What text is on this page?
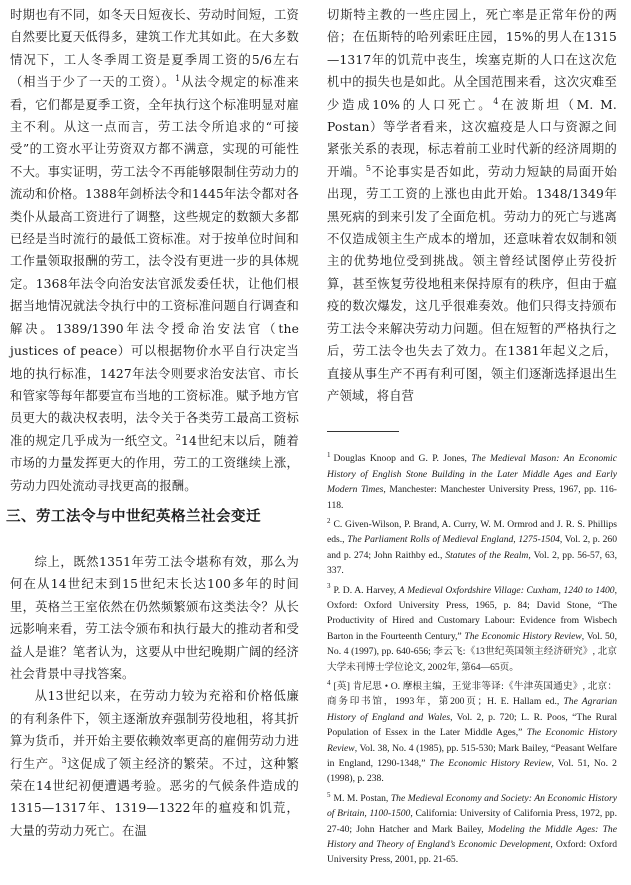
时期也有不同，如冬天日短夜长、劳动时间短，工资自然要比夏天低得多，建筑工作尤其如此。在大多数情况下，工人冬季周工资是夏季周工资的5/6左右（相当于少了一天的工资）。$^1$从法令规定的标准来看，它们都是夏季工资，全年执行这个标准明显对雇主不利。从这一点而言，劳工法令所追求的“可接受”的工资水平让劳资双方都不满意，实现的可能性不大。事实证明，劳工法令不再能够限制住劳动力的流动和价格。1388年剑桥法令和1445年法令都对各类仆从最高工资进行了调整，这些规定的数额大多都已经是当时流行的最低工资标准。对于按单位时间和工作量领取报酬的劳工，法令没有更进一步的具体规定。1368年法令向治安法官派发委任状，让他们根据当地情况就法令执行中的工资标准问题自行调查和解决。1389/1390年法令授命治安法官（the justices of peace）可以根据物价水平自行决定当地的执行标准，1427年法令则要求治安法官、市长和管家等每年都要宣布当地的工资标准。赋予地方官员更大的裁决权表明，法令关于各类劳工最高工资标准的规定几乎成为一纸空文。$^2$14世纪末以后，随着市场的力量发挥更大的作用，劳工的工资继续上涨，劳动力四处流动寻找更高的报酬。

三、劳工法令与中世纪英格兰社会变迁

综上，既然1351年劳工法令堪称有效，那么为何在从14世纪末到15世纪末长达100多年的时间里，英格兰王室依然在仍然频繁颁布这类法令？从长远影响来看，劳工法令颁布和执行最大的推动者和受益人是谁？笔者认为，这要从中世纪晚期广阔的经济社会背景中寻找答案。

从13世纪以来，在劳动力较为充裕和价格低廉的有利条件下，领主逐渐放弃强制劳役地租，将其折算为货币，并开始主要依赖效率更高的雇佣劳动力进行生产。$^3$这促成了领主经济的繁荣。不过，这种繁荣在14世纪初便遭遇考验。恶劣的气候条件造成的1315—1317年、1319—1322年的瘟疫和饥荒，大量的劳动力死亡。在温

切斯特主教的一些庄园上，死亡率是正常年份的两倍；在伍斯特的哈列索旺庄园，15%的男人在1315—1317年的饥荒中丧生，埃塞克斯的人口在这次危机中的损失也是如此。从全国范围来看，这次灾难至少造成10%的人口死亡。$^4$在波斯坦（M. M. Postan）等学者看来，这次瘟疫是人口与资源之间紧张关系的表现，标志着前工业时代新的经济周期的开端。$^5$不论事实是否如此，劳动力短缺的局面开始出现，劳工工资的上涨也由此开始。1348/1349年黑死病的到来引发了全面危机。劳动力的死亡与逃离不仅造成领主生产成本的增加，还意味着农奴制和领主的优势地位受到挑战。领主曾经试图停止劳役折算，甚至恢复劳役地租来保持原有的秩序，但由于瘟疫的数次爆发，这几乎很难奏效。他们只得支持颁布劳工法令来解决劳动力问题。但在短暂的严格执行之后，劳工法令也失去了效力。在1381年起义之后，直接从事生产不再有利可图，领主们逐渐选择退出生产领域，将自营

$^1$ Douglas Knoop and G. P. Jones, The Medieval Mason: An Economic History of English Stone Building in the Later Middle Ages and Early Modern Times, Manchester: Manchester University Press, 1967, pp. 116-118.

$^2$ C. Given-Wilson, P. Brand, A. Curry, W. M. Ormrod and J. R. S. Phillips eds., The Parliament Rolls of Medieval England, 1275-1504, Vol. 2, p. 260 and p. 274; John Raithby ed., Statutes of the Realm, Vol. 2, pp. 56-57, 63, 337.

$^3$ P. D. A. Harvey, A Medieval Oxfordshire Village: Cuxham, 1240 to 1400, Oxford: Oxford University Press, 1965, p. 84; David Stone, “The Productivity of Hired and Customary Labour: Evidence from Wisbech Barton in the Fourteenth Century,” The Economic History Review, Vol. 50, No. 4 (1997), pp. 640-656; 李云飞:《13世纪英国领主经济研究》, 北京大学未刊博士学位论文, 2002年, 第64—65页。

$^4$ [英] 肯尼思 • O. 摩根主编，王觉非等译:《牛津英国通史》, 北京：商务印书馆，1993年，第200页；H. E. Hallam ed., The Agrarian History of England and Wales, Vol. 2, p. 720; L. R. Poos, “The Rural Population of Essex in the Later Middle Ages,” The Economic History Review, Vol. 38, No. 4 (1985), pp. 515-530; Mark Bailey, “Peasant Welfare in England, 1290-1348,” The Economic History Review, Vol. 51, No. 2 (1998), p. 238.

$^5$ M. M. Postan, The Medieval Economy and Society: An Economic History of Britain, 1100-1500, California: University of California Press, 1972, pp. 27-40; John Hatcher and Mark Bailey, Modeling the Middle Ages: The History and Theory of England’s Economic Development, Oxford: Oxford University Press, 2001, pp. 21-65.
